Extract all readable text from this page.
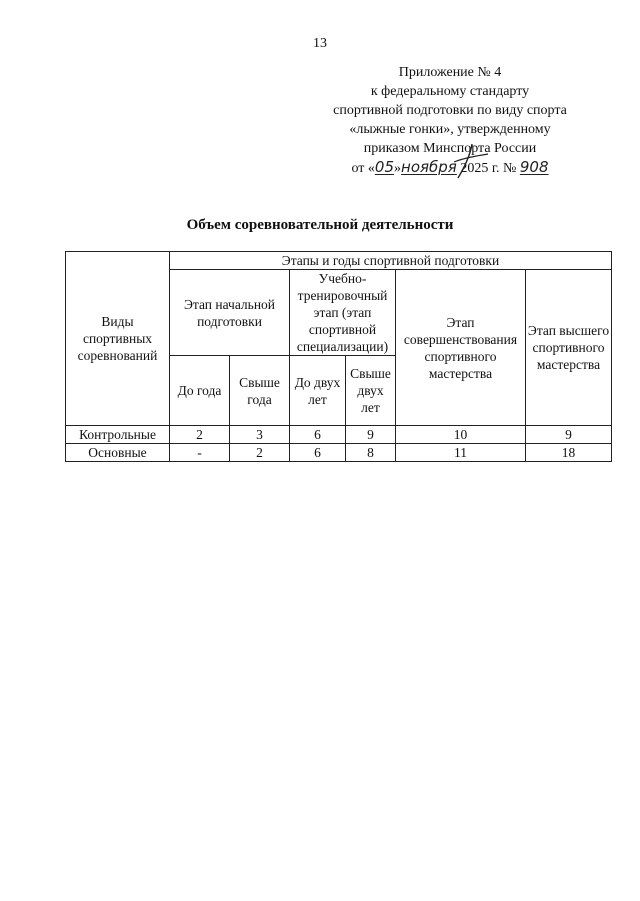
13
Приложение № 4
к федеральному стандарту
спортивной подготовки по виду спорта
«лыжные гонки», утвержденному
приказом Минспорта России
от «05»ноября 2025 г. № 908
Объем соревновательной деятельности
Виды спортивных соревнований	Этапы и годы спортивной подготовки					
	Этап начальной подготовки		Учебно-тренировочный этап (этап спортивной специализации)		Этап совершенствования спортивного мастерства	Этап высшего спортивного мастерства
	До года	Свыше года	До двух лет	Свыше двух лет		
Контрольные	2	3	6	9	10	9
Основные	-	2	6	8	11	18
